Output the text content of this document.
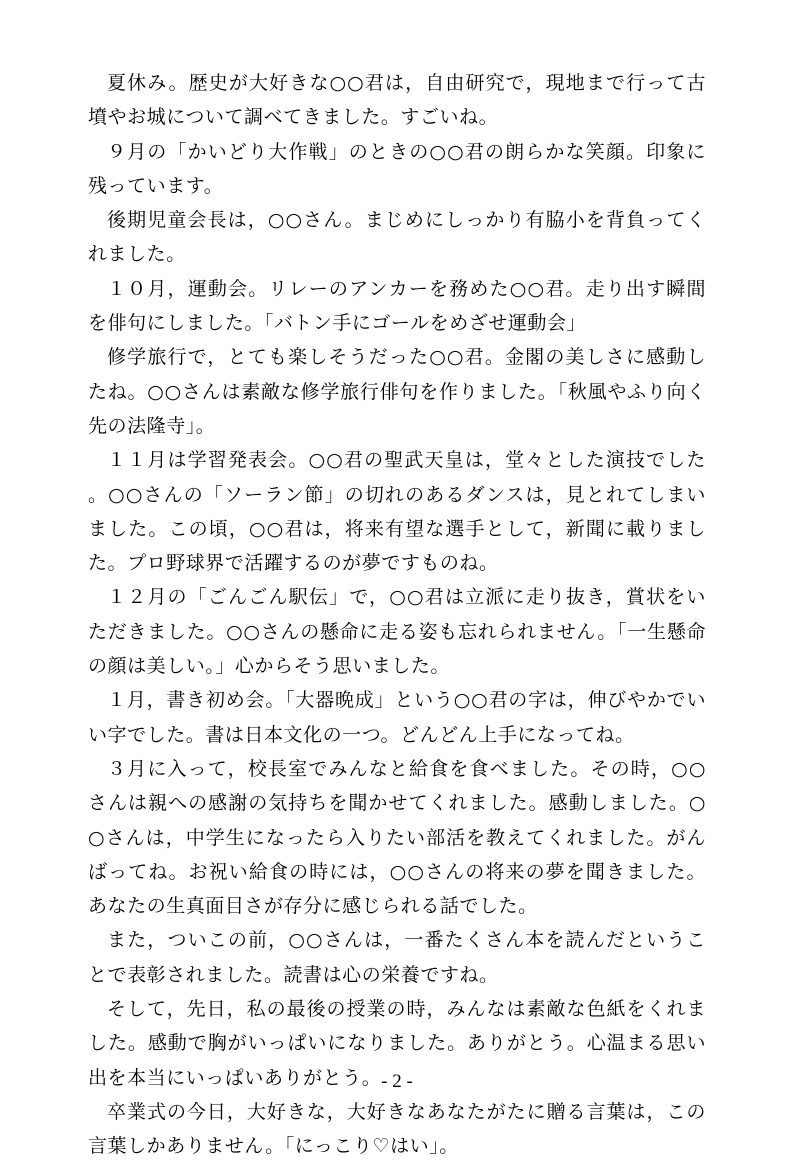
夏休み。歴史が大好きな○○君は，自由研究で，現地まで行って古墳やお城について調べてきました。すごいね。

９月の「かいどり大作戦」のときの○○君の朗らかな笑顔。印象に残っています。

後期児童会長は，○○さん。まじめにしっかり有脇小を背負ってくれました。

１０月，運動会。リレーのアンカーを務めた○○君。走り出す瞬間を俳句にしました。「バトン手にゴールをめざせ運動会」

修学旅行で，とても楽しそうだった○○君。金閣の美しさに感動したね。○○さんは素敵な修学旅行俳句を作りました。「秋風やふり向く先の法隆寺」。

１１月は学習発表会。○○君の聖武天皇は，堂々とした演技でした。○○さんの「ソーラン節」の切れのあるダンスは，見とれてしまいました。この頃，○○君は，将来有望な選手として，新聞に載りました。プロ野球界で活躍するのが夢ですものね。

１２月の「ごんごん駅伝」で，○○君は立派に走り抜き，賞状をいただきました。○○さんの懸命に走る姿も忘れられません。「一生懸命の顔は美しい。」心からそう思いました。

１月，書き初め会。「大器晩成」という○○君の字は，伸びやかでいい字でした。書は日本文化の一つ。どんどん上手になってね。

３月に入って，校長室でみんなと給食を食べました。その時，○○さんは親への感謝の気持ちを聞かせてくれました。感動しました。○○さんは，中学生になったら入りたい部活を教えてくれました。がんばってね。お祝い給食の時には，○○さんの将来の夢を聞きました。あなたの生真面目さが存分に感じられる話でした。

また，ついこの前，○○さんは，一番たくさん本を読んだということで表彰されました。読書は心の栄養ですね。

そして，先日，私の最後の授業の時，みんなは素敵な色紙をくれました。感動で胸がいっぱいになりました。ありがとう。心温まる思い出を本当にいっぱいありがとう。

卒業式の今日，大好きな，大好きなあなたがたに贈る言葉は，この言葉しかありません。「にっこり♡はい」。

- 2 -
